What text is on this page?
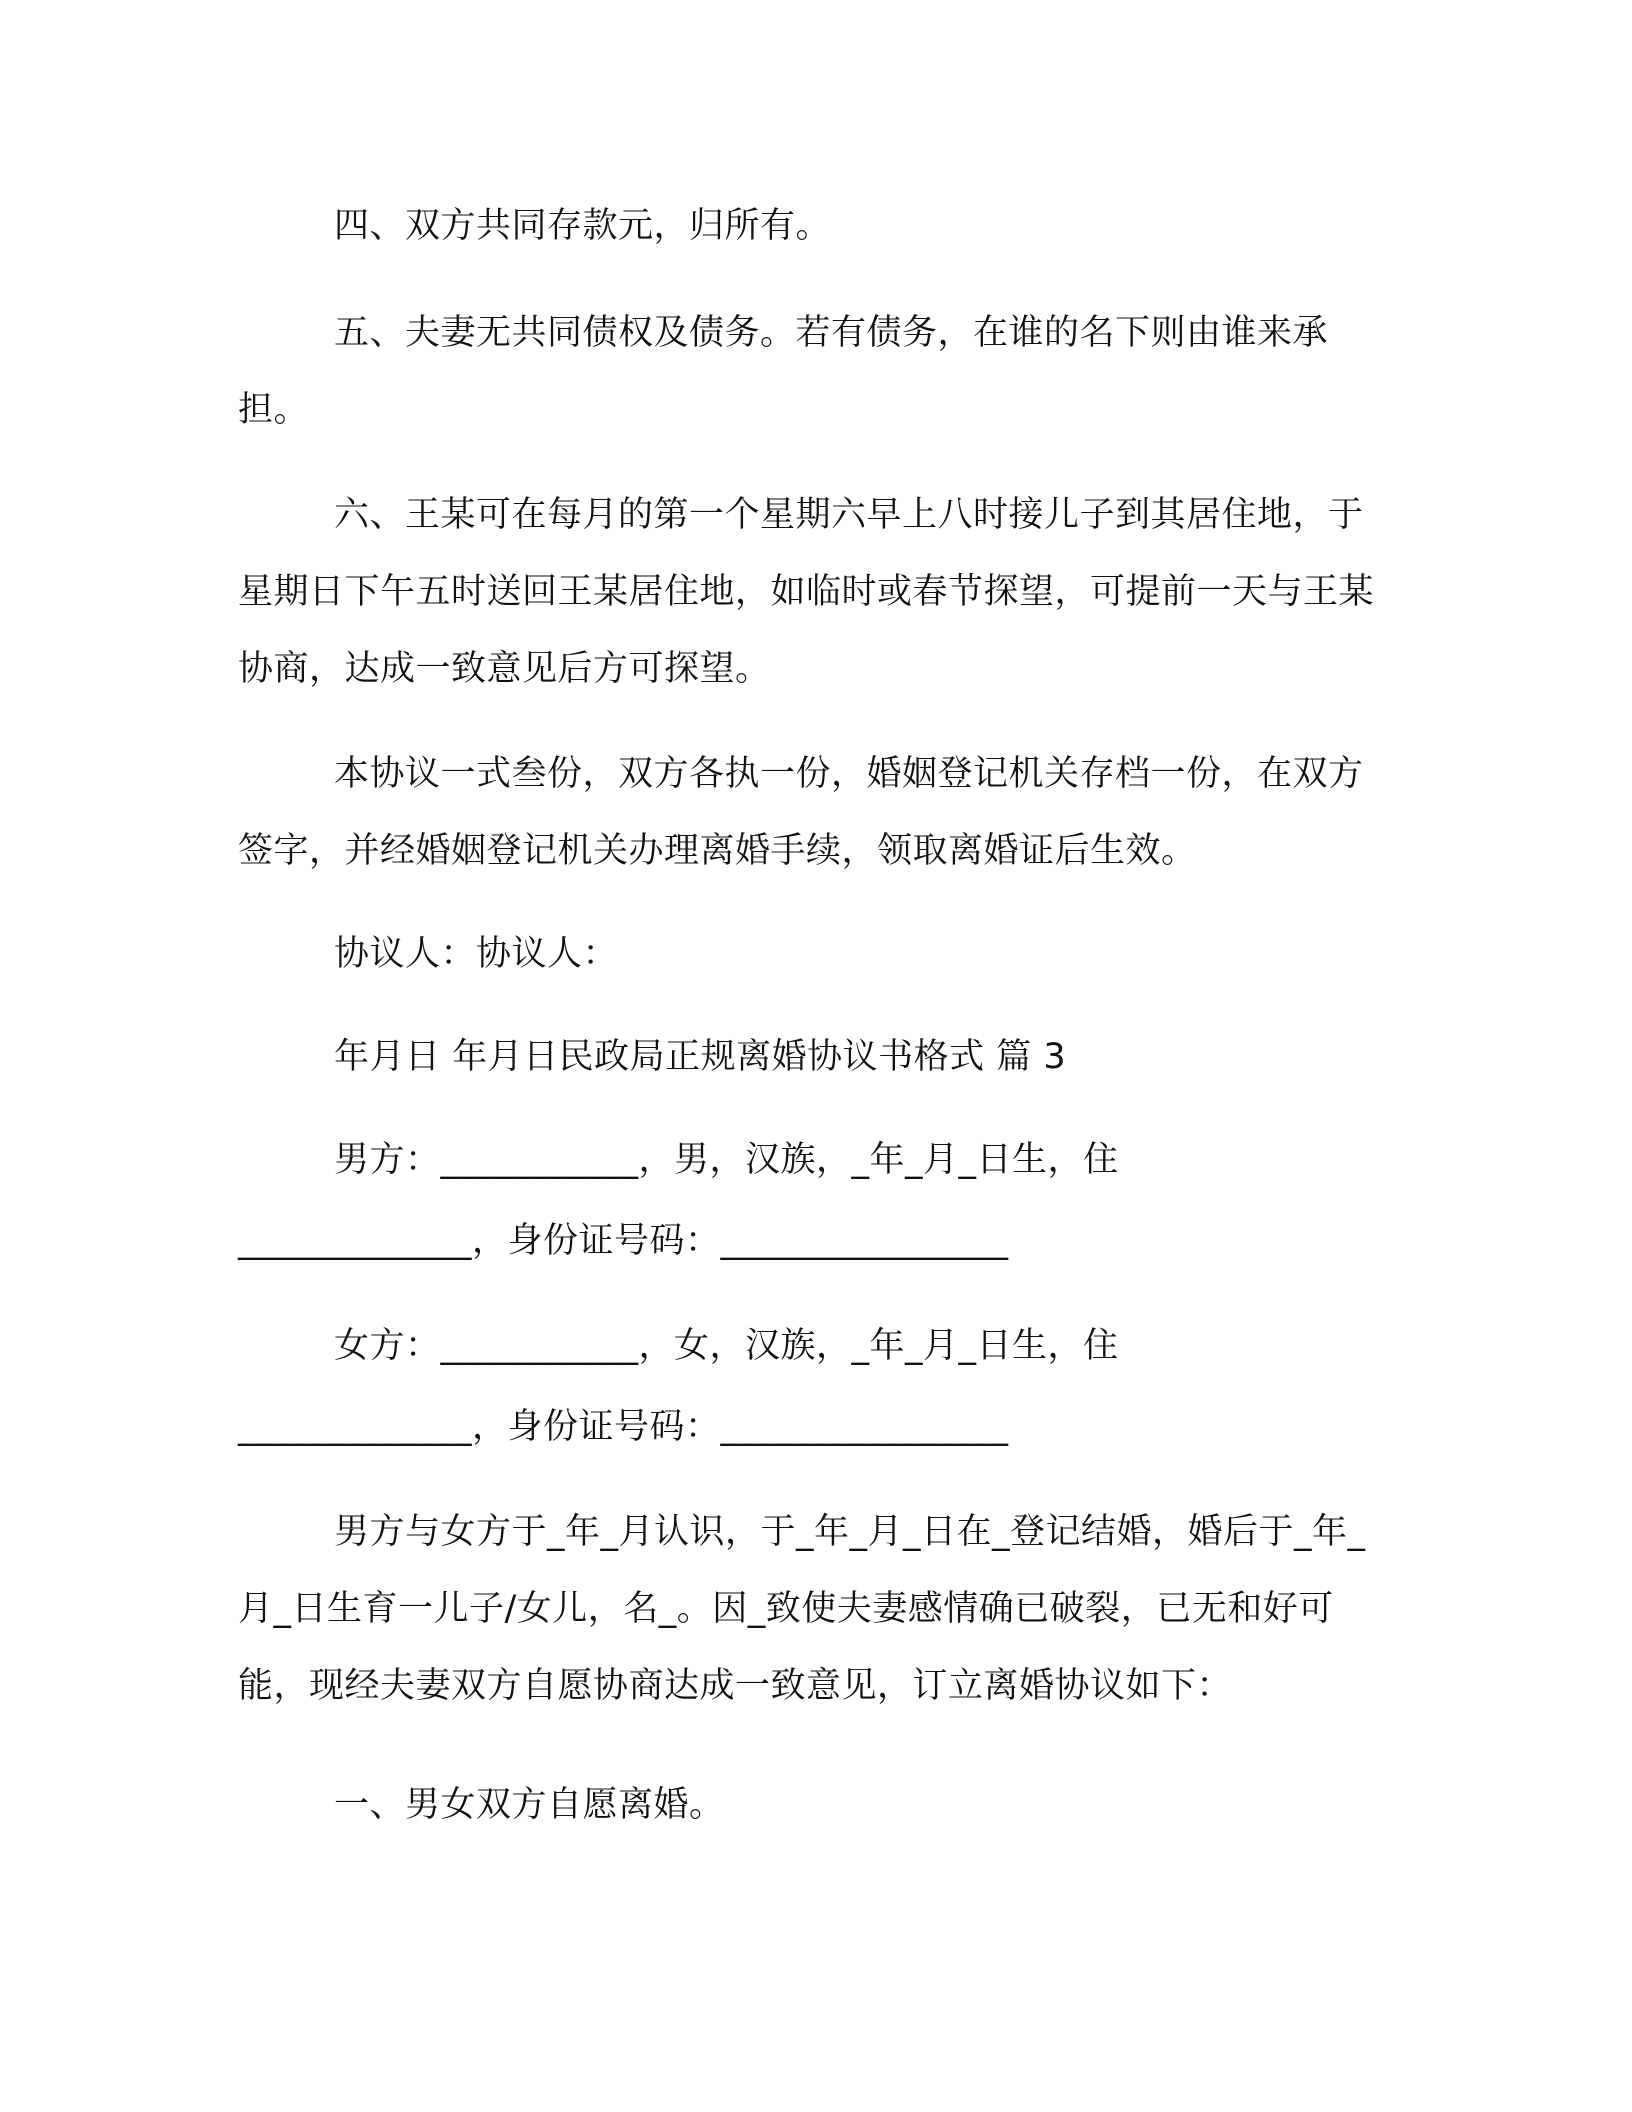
四、双方共同存款元，归所有。

五、夫妻无共同债权及债务。若有债务，在谁的名下则由谁来承担。

六、王某可在每月的第一个星期六早上八时接儿子到其居住地，于星期日下午五时送回王某居住地，如临时或春节探望，可提前一天与王某协商，达成一致意见后方可探望。

本协议一式叁份，双方各执一份，婚姻登记机关存档一份，在双方签字，并经婚姻登记机关办理离婚手续，领取离婚证后生效。

协议人：协议人：

年月日 年月日民政局正规离婚协议书格式 篇 3

男方：___________，男，汉族，_年_月_日生，住
_____________，身份证号码：________________
女方：___________，女，汉族，_年_月_日生，住
_____________，身份证号码：________________

男方与女方于_年_月认识，于_年_月_日在_登记结婚，婚后于_年_月_日生育一儿子/女儿，名_。因_致使夫妻感情确已破裂，已无和好可能，现经夫妻双方自愿协商达成一致意见，订立离婚协议如下：

一、男女双方自愿离婚。
